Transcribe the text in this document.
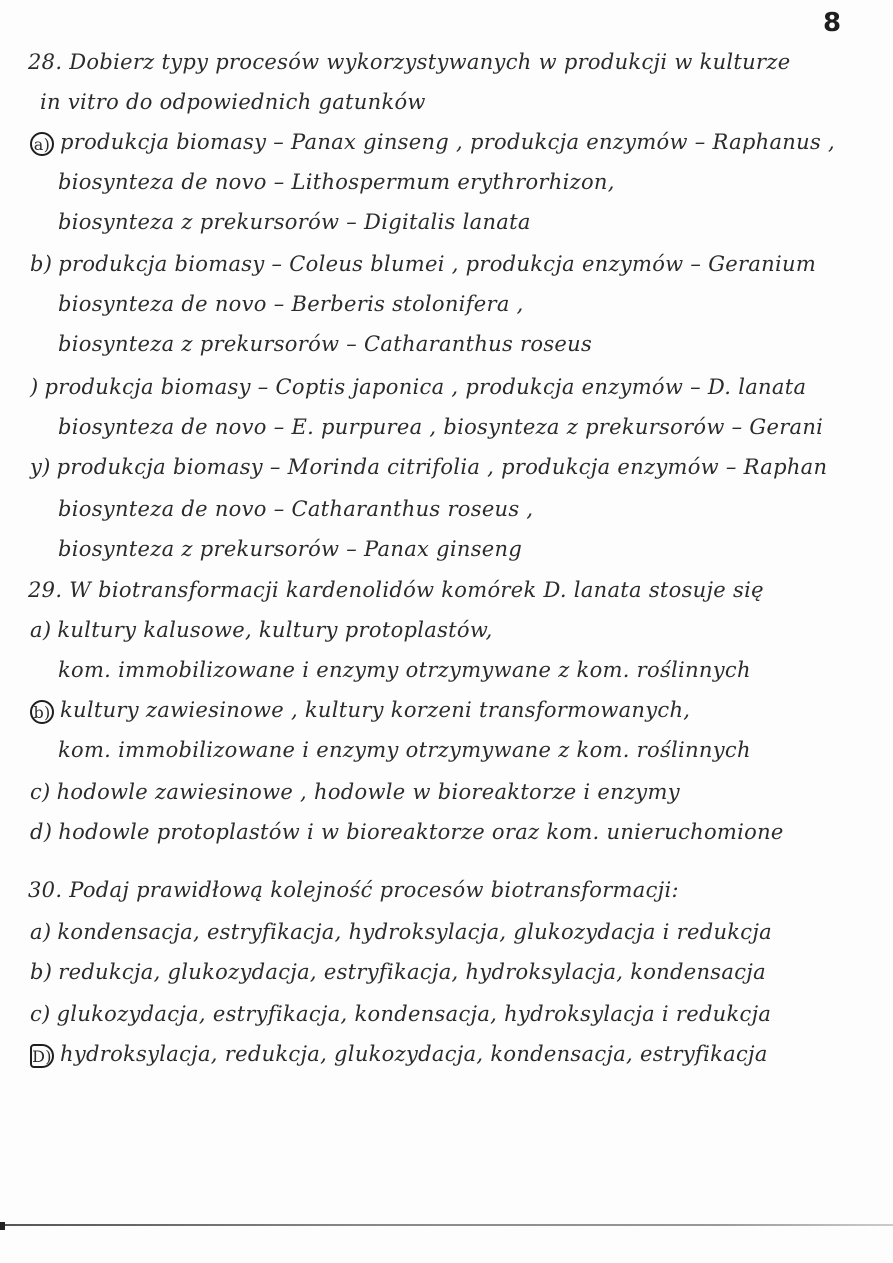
8
28. Dobierz typy procesów wykorzystywanych w produkcji w kulturze
in vitro do odpowiednich gatunków
a) produkcja biomasy – Panax ginseng , produkcja enzymów – Raphanus ,
biosynteza de novo – Lithospermum erythrorhizon,
biosynteza z prekursorów – Digitalis lanata
b) produkcja biomasy – Coleus blumei , produkcja enzymów – Geranium
biosynteza de novo – Berberis stolonifera ,
biosynteza z prekursorów – Catharanthus roseus
) produkcja biomasy – Coptis japonica , produkcja enzymów – D. lanata
biosynteza de novo – E. purpurea , biosynteza z prekursorów – Gerani
y) produkcja biomasy – Morinda citrifolia , produkcja enzymów – Raphan
biosynteza de novo – Catharanthus roseus ,
biosynteza z prekursorów – Panax ginseng
29. W biotransformacji kardenolidów komórek D. lanata stosuje się
a) kultury kalusowe, kultury protoplastów,
kom. immobilizowane i enzymy otrzymywane z kom. roślinnych
b) kultury zawiesinowe , kultury korzeni transformowanych,
kom. immobilizowane i enzymy otrzymywane z kom. roślinnych
c) hodowle zawiesinowe , hodowle w bioreaktorze i enzymy
d) hodowle protoplastów i w bioreaktorze oraz kom. unieruchomione
30. Podaj prawidłową kolejność procesów biotransformacji:
a) kondensacja, estryfikacja, hydroksylacja, glukozydacja i redukcja
b) redukcja, glukozydacja, estryfikacja, hydroksylacja, kondensacja
c) glukozydacja, estryfikacja, kondensacja, hydroksylacja i redukcja
D) hydroksylacja, redukcja, glukozydacja, kondensacja, estryfikacja
